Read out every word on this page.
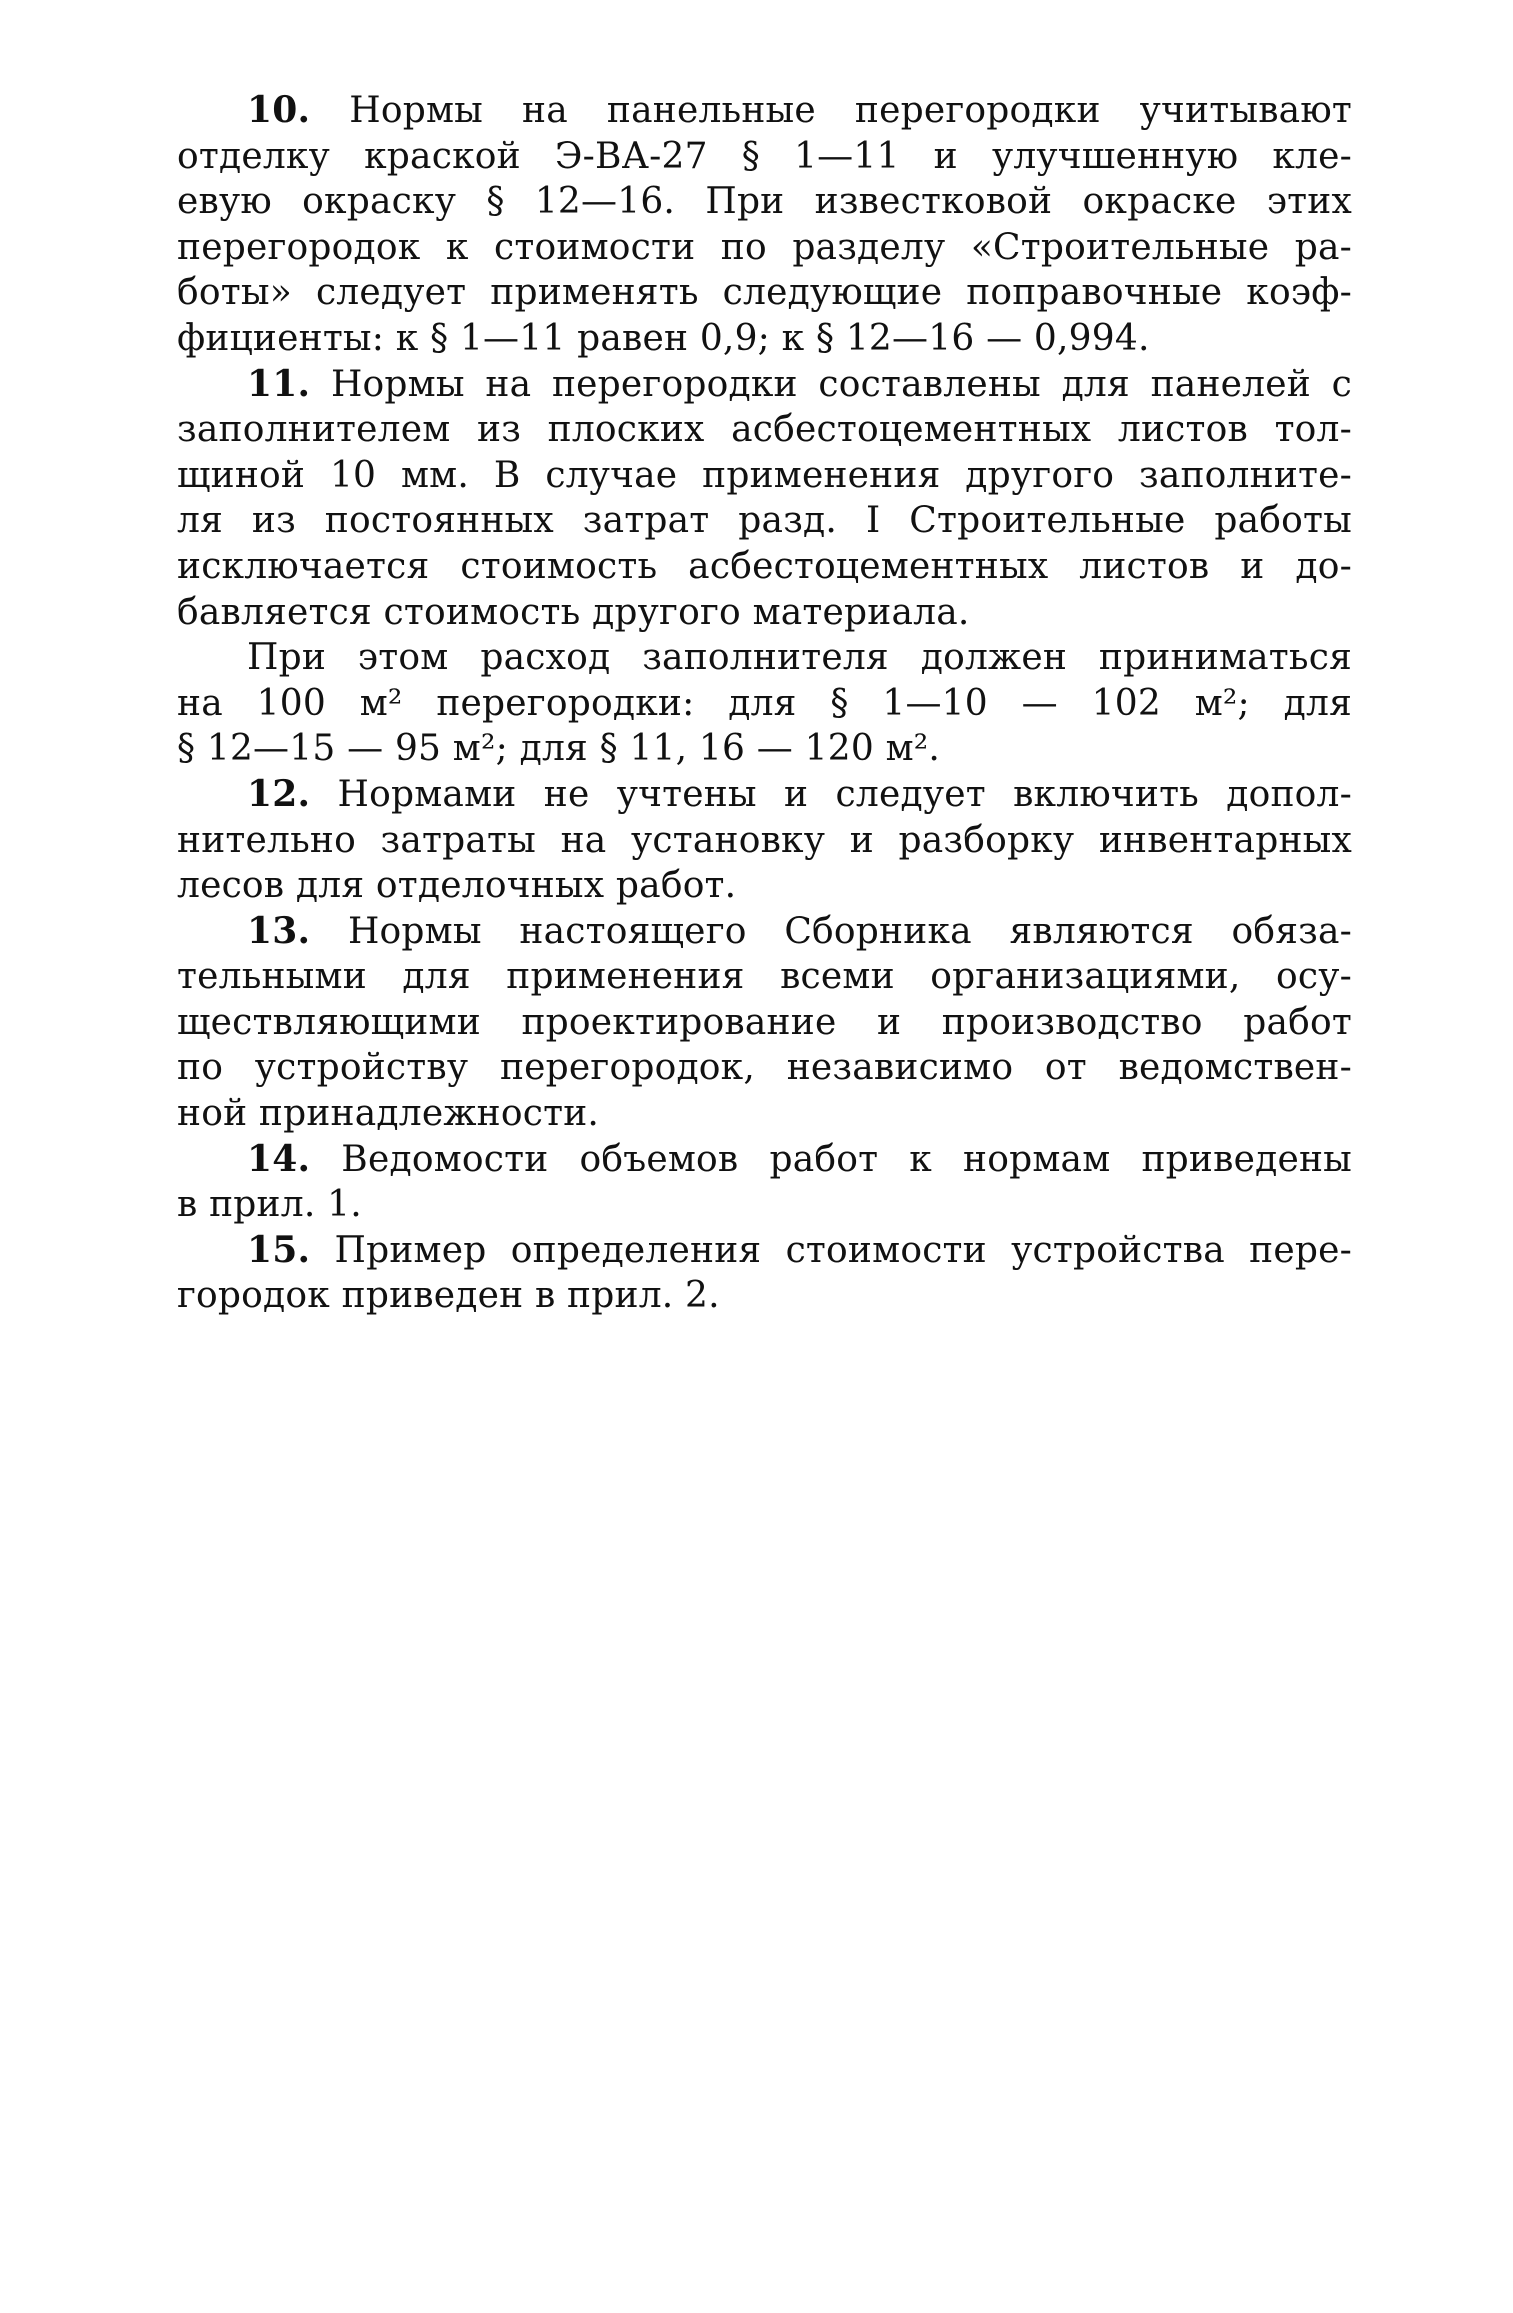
10. Нормы на панельные перегородки учитывают
отделку краской Э-ВА-27 § 1—11 и улучшенную кле-
евую окраску § 12—16. При известковой окраске этих
перегородок к стоимости по разделу «Строительные ра-
боты» следует применять следующие поправочные коэф-
фициенты: к § 1—11 равен 0,9; к § 12—16 — 0,994.
11. Нормы на перегородки составлены для панелей с
заполнителем из плоских асбестоцементных листов тол-
щиной 10 мм. В случае применения другого заполните-
ля из постоянных затрат разд. I Строительные работы
исключается стоимость асбестоцементных листов и до-
бавляется стоимость другого материала.
При этом расход заполнителя должен приниматься
на 100 м² перегородки: для § 1—10 — 102 м²; для
§ 12—15 — 95 м²; для § 11, 16 — 120 м².
12. Нормами не учтены и следует включить допол-
нительно затраты на установку и разборку инвентарных
лесов для отделочных работ.
13. Нормы настоящего Сборника являются обяза-
тельными для применения всеми организациями, осу-
ществляющими проектирование и производство работ
по устройству перегородок, независимо от ведомствен-
ной принадлежности.
14. Ведомости объемов работ к нормам приведены
в прил. 1.
15. Пример определения стоимости устройства пере-
городок приведен в прил. 2.
